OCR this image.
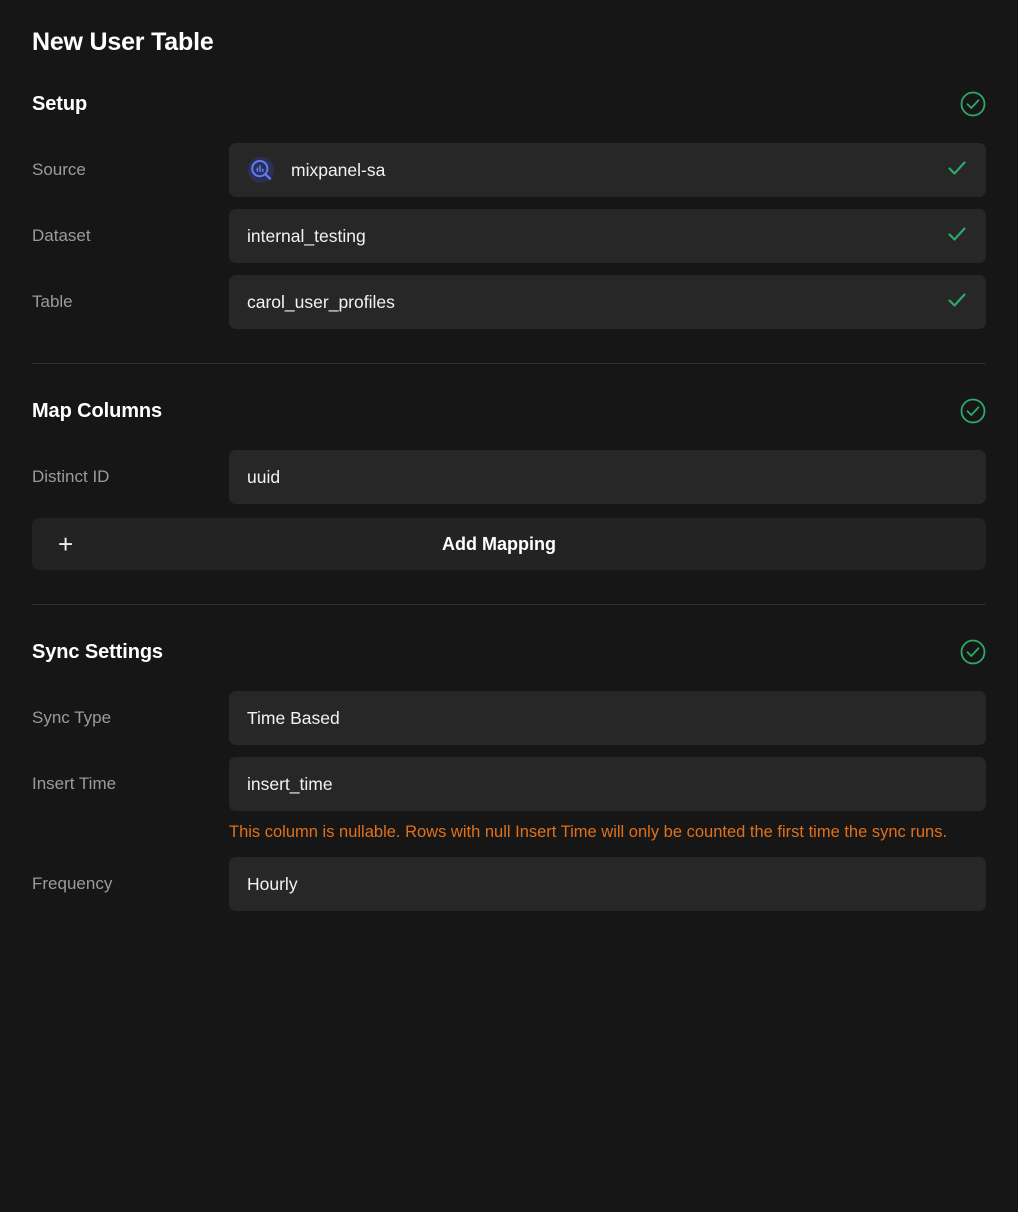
New User Table
Setup
Source	mixpanel-sa
Dataset	internal_testing
Table	carol_user_profiles
Map Columns
Distinct ID	uuid
+	Add Mapping
Sync Settings
Sync Type	Time Based
Insert Time	insert_time
This column is nullable. Rows with null Insert Time will only be counted the first time the sync runs.
Frequency	Hourly
